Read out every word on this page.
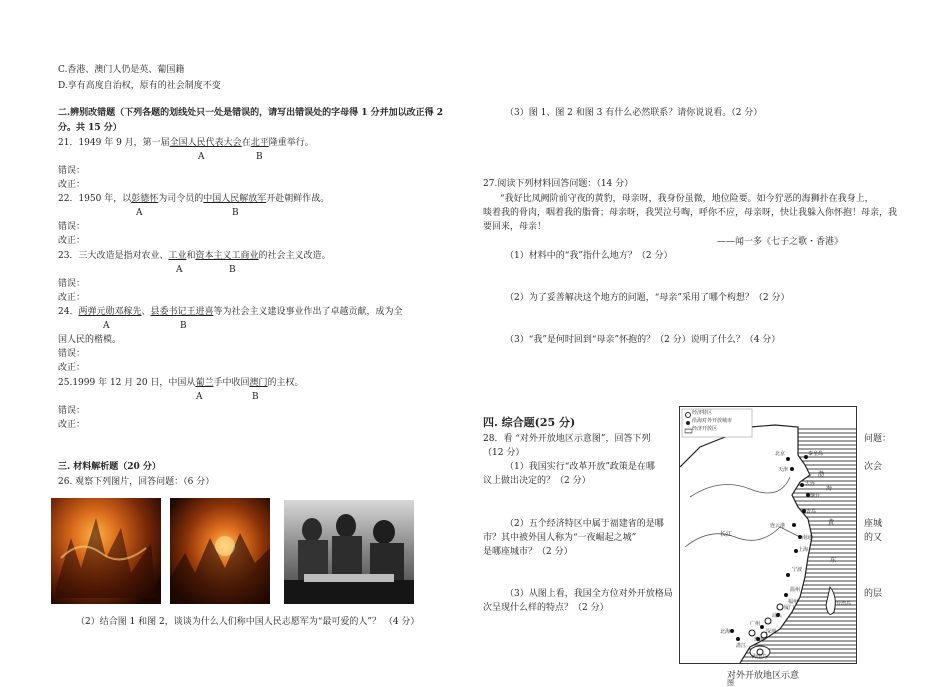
C.香港、澳门人仍是英、葡国籍
D.享有高度自治权，原有的社会制度不变
二.辨别改错题（下列各题的划线处只一处是错误的，请写出错误处的字母得 1 分并加以改正得 2
分。共 15 分）
21．1949 年 9 月，第一届全国人民代表大会在北平隆重举行。
A	B
错误：
改正：
22．1950 年，以彭德怀为司令员的中国人民解放军开赴朝鲜作战。
A	B
错误：
改正：
23．三大改造是指对农业、工业和资本主义工商业的社会主义改造。
A	B
错误：
改正：
24．两弹元勋邓稼先、县委书记王进喜等为社会主义建设事业作出了卓越贡献，成为全
A	B
国人民的楷模。
错误：
改正：
25.1999 年 12 月 20 日，中国从葡兰手中收回澳门的主权。
A	B
错误：
改正：
三. 材料解析题（20 分）
26. 观察下列图片，回答问题：（6 分）
（2）结合图 1 和图 2，谈谈为什么人们称中国人民志愿军为“最可爱的人”？ （4 分）
（3）图 1、图 2 和图 3 有什么必然联系？请你说说看。（2 分）
27.阅读下列材料回答问题：（14 分）
“我好比凤阙阶前守夜的黄豹，母亲呀，我身份虽微，地位险要。如今狞恶的海狮扑在我身上，
啖着我的骨肉，咽着我的脂膏；母亲呀，我哭泣号啕，呼你不应，母亲呀，快让我躲入你怀抱！母亲，我
要回来，母亲！
——闻一多《七子之歌・香港》
（1）材料中的“我”指什么地方？（2 分）
（2）为了妥善解决这个地方的问题，“母亲”采用了哪个构想？（2 分）
（3）“我”是何时回到“母亲”怀抱的？（2 分）说明了什么？（4 分）
四. 综合题(25 分)
28．看 “对外开放地区示意图”，回答下列	问题：
（12 分）
（1）我国实行“改革开放”政策是在哪	次会
议上做出决定的？（2 分）
（2）五个经济特区中属于福建省的是哪	座城
市？其中被外国人称为“一夜崛起之城”	的又
是哪座城市？（2 分）
（3）从图上看，我国全方位对外开放格局	的层
次呈现什么样的特点？（2 分）
经济特区
沿海对外开放城市
经济开放区
北京
天津
秦皇岛
大连
烟台
青岛
连云港
南通
上海
宁波
温州
福州
厦门
汕头
广州
深圳
珠海
北海
湛江
海南岛
台湾岛
长江
渤
海
黄
东
对外开放地区示意
图
